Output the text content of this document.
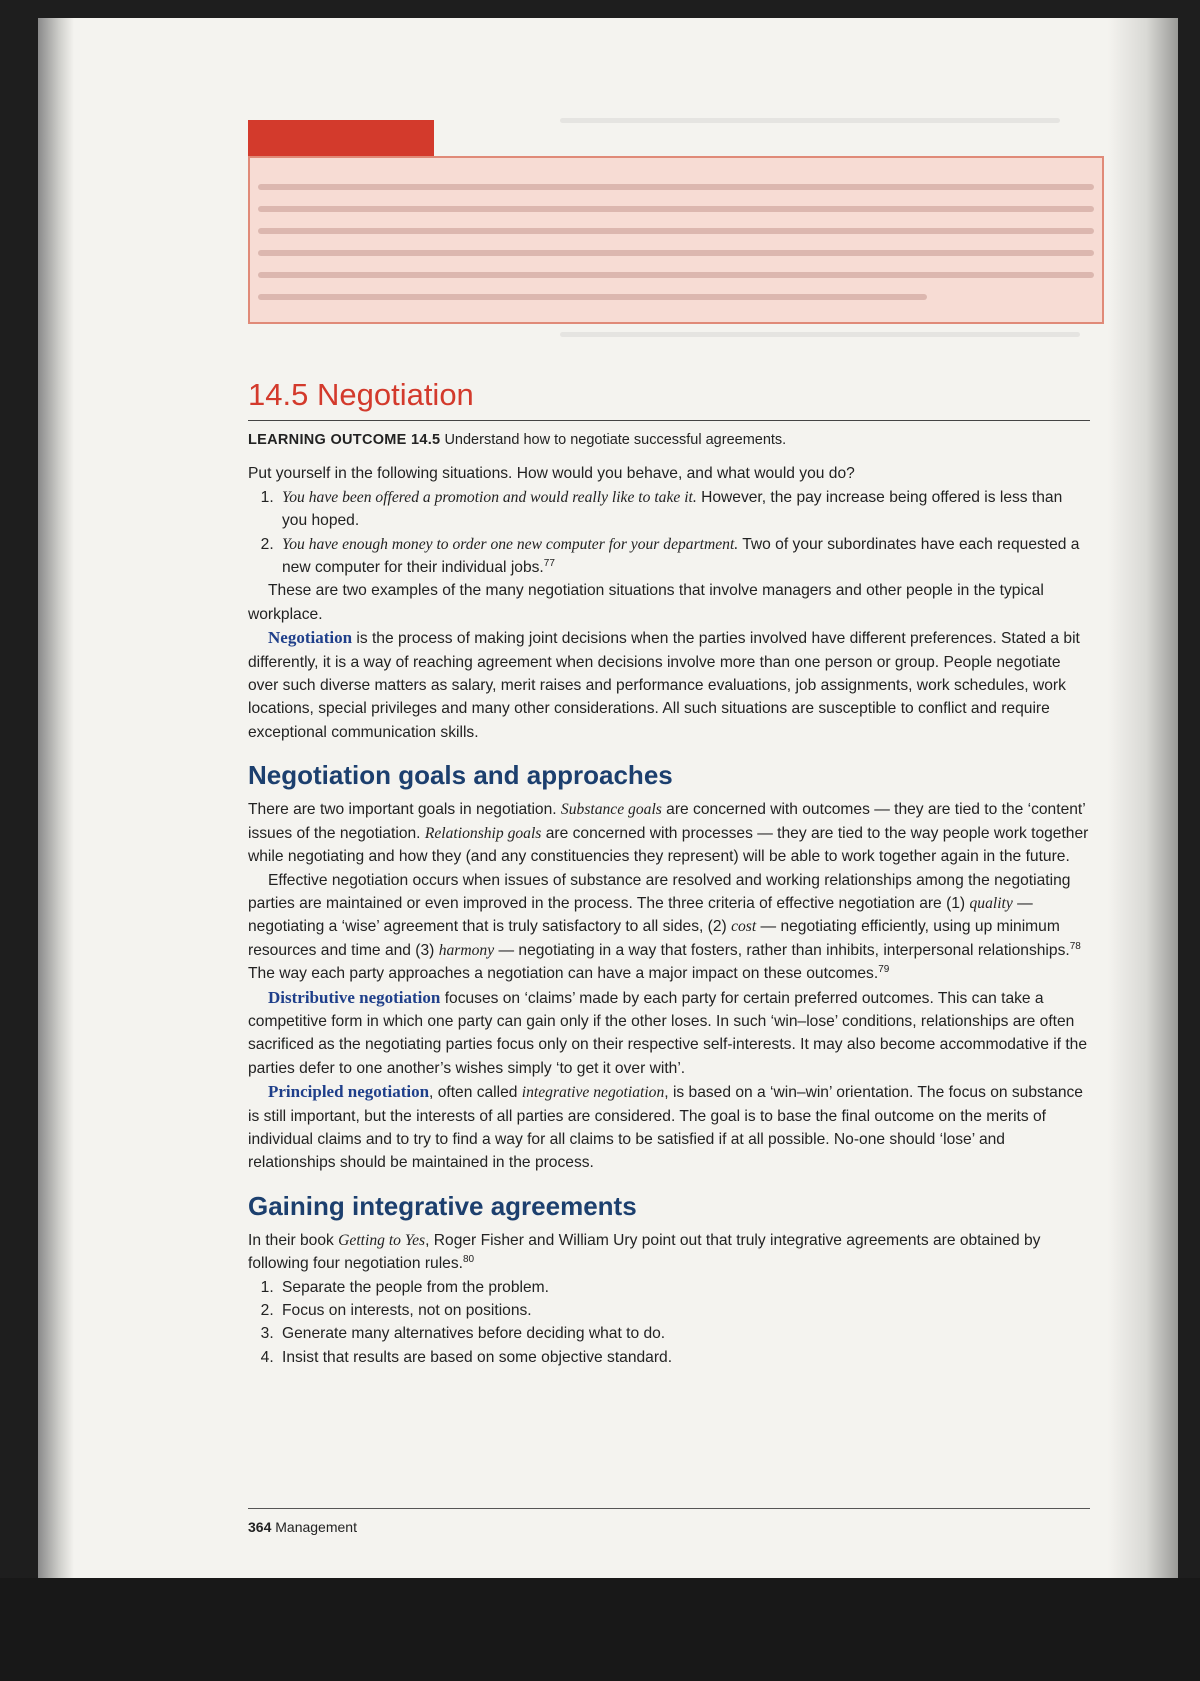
14.5 Negotiation

LEARNING OUTCOME 14.5 Understand how to negotiate successful agreements.

Put yourself in the following situations. How would you behave, and what would you do?

1. You have been offered a promotion and would really like to take it. However, the pay increase being offered is less than you hoped.
2. You have enough money to order one new computer for your department. Two of your subordinates have each requested a new computer for their individual jobs.$^{77}$

These are two examples of the many negotiation situations that involve managers and other people in the typical workplace.

Negotiation is the process of making joint decisions when the parties involved have different preferences. Stated a bit differently, it is a way of reaching agreement when decisions involve more than one person or group. People negotiate over such diverse matters as salary, merit raises and performance evaluations, job assignments, work schedules, work locations, special privileges and many other considerations. All such situations are susceptible to conflict and require exceptional communication skills.

Negotiation goals and approaches

There are two important goals in negotiation. Substance goals are concerned with outcomes — they are tied to the ‘content’ issues of the negotiation. Relationship goals are concerned with processes — they are tied to the way people work together while negotiating and how they (and any constituencies they represent) will be able to work together again in the future.

Effective negotiation occurs when issues of substance are resolved and working relationships among the negotiating parties are maintained or even improved in the process. The three criteria of effective negotiation are (1) quality — negotiating a ‘wise’ agreement that is truly satisfactory to all sides, (2) cost — negotiating efficiently, using up minimum resources and time and (3) harmony — negotiating in a way that fosters, rather than inhibits, interpersonal relationships.$^{78}$ The way each party approaches a negotiation can have a major impact on these outcomes.$^{79}$

Distributive negotiation focuses on ‘claims’ made by each party for certain preferred outcomes. This can take a competitive form in which one party can gain only if the other loses. In such ‘win–lose’ conditions, relationships are often sacrificed as the negotiating parties focus only on their respective self-interests. It may also become accommodative if the parties defer to one another’s wishes simply ‘to get it over with’.

Principled negotiation, often called integrative negotiation, is based on a ‘win–win’ orientation. The focus on substance is still important, but the interests of all parties are considered. The goal is to base the final outcome on the merits of individual claims and to try to find a way for all claims to be satisfied if at all possible. No-one should ‘lose’ and relationships should be maintained in the process.

Gaining integrative agreements

In their book Getting to Yes, Roger Fisher and William Ury point out that truly integrative agreements are obtained by following four negotiation rules.$^{80}$

1. Separate the people from the problem.
2. Focus on interests, not on positions.
3. Generate many alternatives before deciding what to do.
4. Insist that results are based on some objective standard.
364 Management
